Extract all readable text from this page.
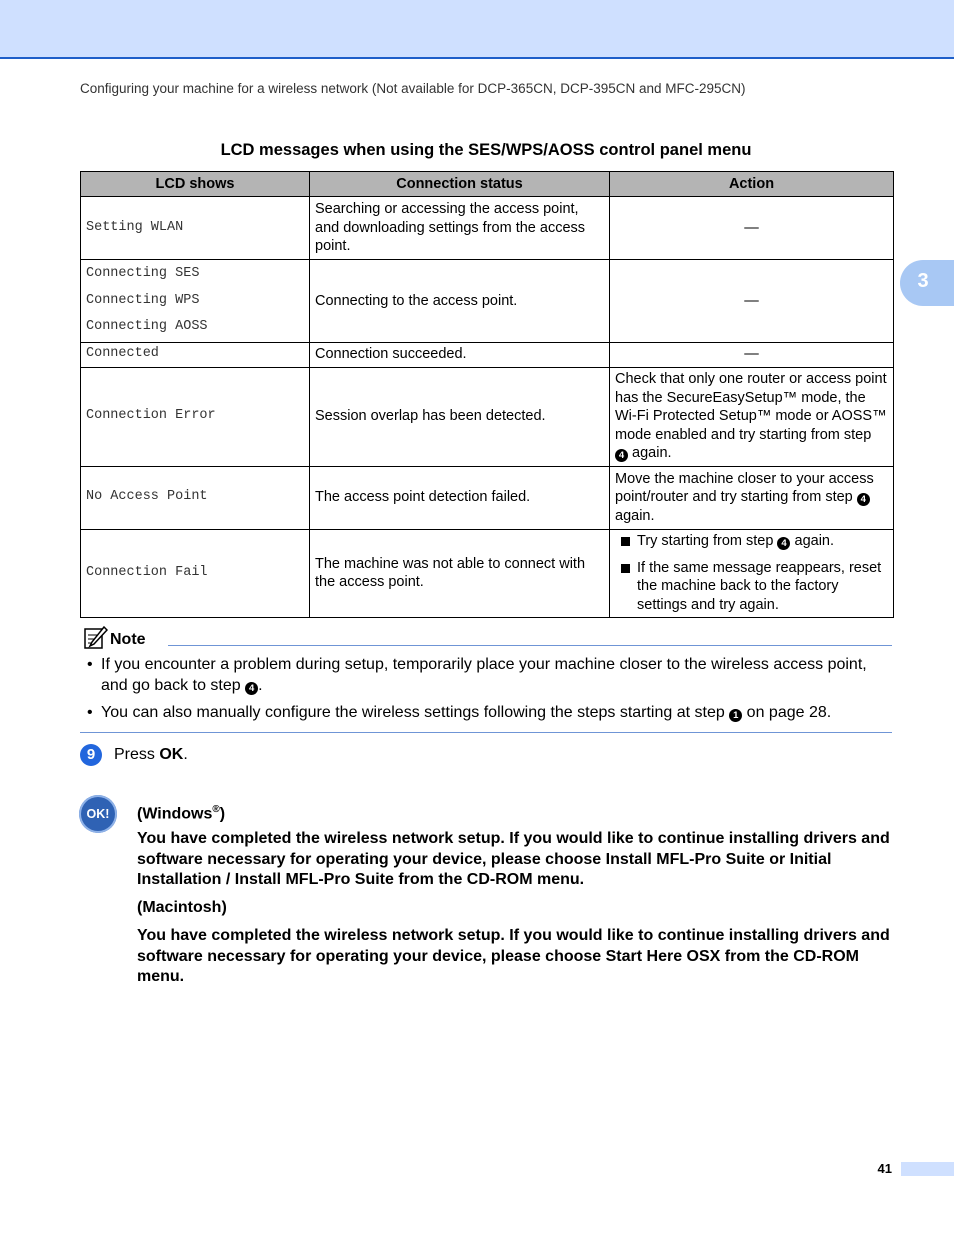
Configuring your machine for a wireless network (Not available for DCP-365CN, DCP-395CN and MFC-295CN)
3
LCD messages when using the SES/WPS/AOSS control panel menu
LCD shows	Connection status	Action
Setting WLAN	Searching or accessing the access point, and downloading settings from the access point.	—

Connecting SES
Connecting WPS
Connecting AOSS	Connecting to the access point.	—
Connected	Connection succeeded.	—
Connection Error	Session overlap has been detected.	Check that only one router or access point has the SecureEasySetup™ mode, the Wi-Fi Protected Setup™ mode or AOSS™ mode enabled and try starting from step 4 again.
No Access Point	The access point detection failed.	Move the machine closer to your access point/router and try starting from step 4 again.
Connection Fail	The machine was not able to connect with the access point.	Try starting from step 4 again.
If the same message reappears, reset the machine back to the factory settings and try again.
Note
• If you encounter a problem during setup, temporarily place your machine closer to the wireless access point, and go back to step 4 .
• You can also manually configure the wireless settings following the steps starting at step 1 on page 28.
9	Press OK.
OK!	(Windows®)
You have completed the wireless network setup. If you would like to continue installing drivers and software necessary for operating your device, please choose Install MFL-Pro Suite or Initial Installation / Install MFL-Pro Suite from the CD-ROM menu.
(Macintosh)
You have completed the wireless network setup. If you would like to continue installing drivers and software necessary for operating your device, please choose Start Here OSX from the CD-ROM menu.
41
